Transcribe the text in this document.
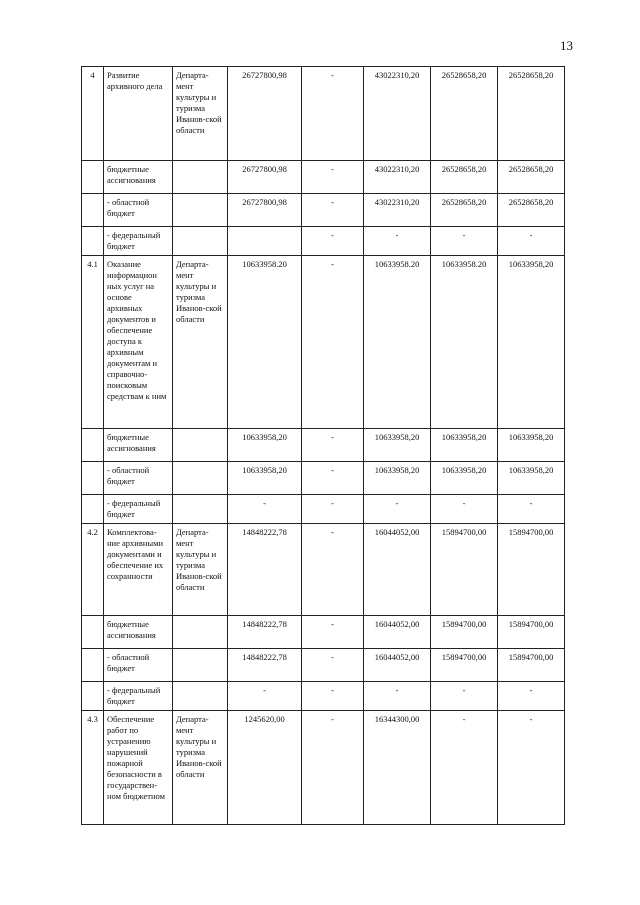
13
4	Развитие архивного дела	Департа-мент культуры и туризма Иванов-ской области	26727800,98	-	43022310,20	26528658,20	26528658,20
	бюджетные ассигнования		26727800,98	-	43022310,20	26528658,20	26528658,20
	- областной бюджет		26727800,98	-	43022310,20	26528658,20	26528658,20
	- федеральный бюджет			-	-	-	-
4.1	Оказание информацион ных услуг на основе архивных документов и обеспечение доступа к архивным документам и справочно-поисковым средствам к ним	Департа-мент культуры и туризма Иванов-ской области	10633958.20	-	10633958.20	10633958.20	10633958,20
	бюджетные ассигнования		10633958,20	-	10633958,20	10633958,20	10633958,20
	- областной бюджет		10633958,20	-	10633958,20	10633958,20	10633958,20
	- федеральный бюджет		-	-	-	-	-
4.2	Комплектова-ние архивными документами и обеспечение их сохранности	Департа-мент культуры и туризма Иванов-ской области	14848222,78	-	16044052,00	15894700,00	15894700,00
	бюджетные ассигнования		14848222,78	-	16044052,00	15894700,00	15894700,00
	- областной бюджет		14848222,78	-	16044052,00	15894700,00	15894700,00
	- федеральный бюджет		-	-	-	-	-
4.3	Обеспечение работ по устранению нарушений пожарной безопасности в государствен-ном бюджетном	Департа-мент культуры и туризма Иванов-ской области	1245620,00	-	16344300,00	-	-
